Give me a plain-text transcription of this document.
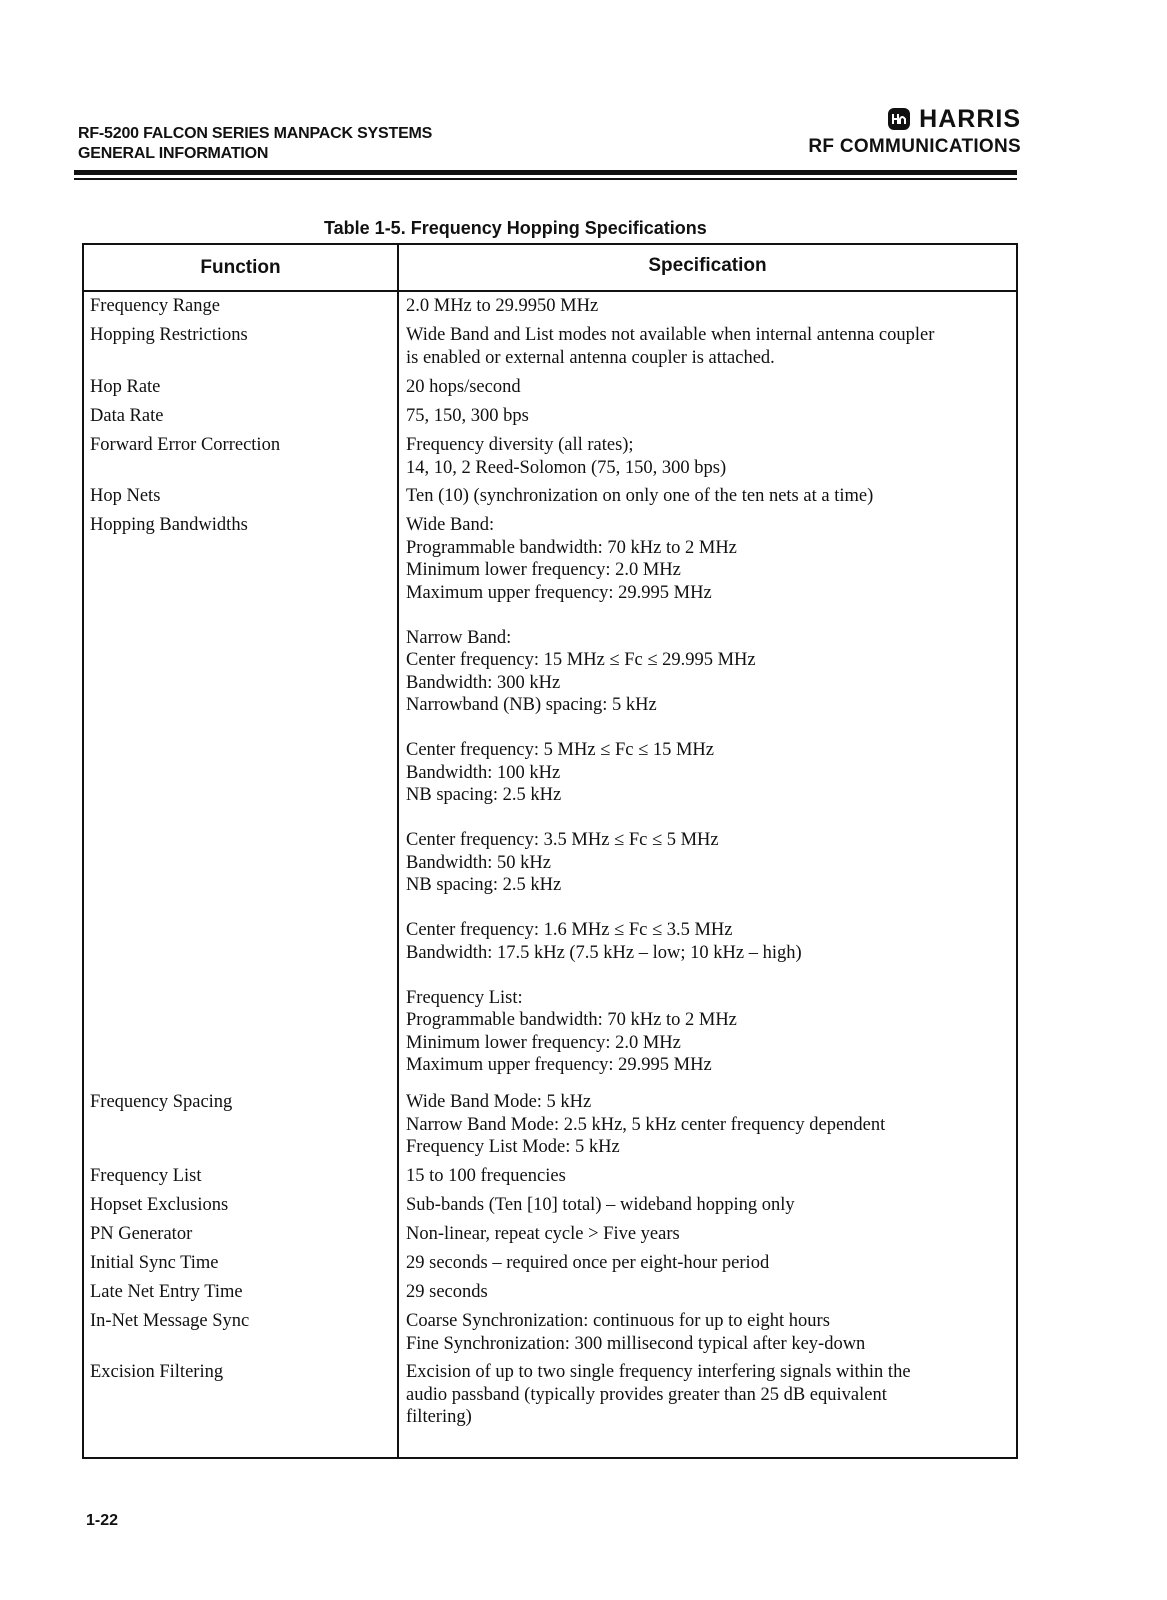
RF-5200 FALCON SERIES MANPACK SYSTEMS
GENERAL INFORMATION
HARRIS
RF COMMUNICATIONS
Table 1-5. Frequency Hopping Specifications
Function	Specification
Frequency Range	2.0 MHz to 29.9950 MHz
Hopping Restrictions	Wide Band and List modes not available when internal antenna coupler
is enabled or external antenna coupler is attached.
Hop Rate	20 hops/second
Data Rate	75, 150, 300 bps
Forward Error Correction	Frequency diversity (all rates);
14, 10, 2 Reed-Solomon (75, 150, 300 bps)
Hop Nets	Ten (10) (synchronization on only one of the ten nets at a time)
Hopping Bandwidths	Wide Band:
Programmable bandwidth: 70 kHz to 2 MHz
Minimum lower frequency: 2.0 MHz
Maximum upper frequency: 29.995 MHz

Narrow Band:
Center frequency: 15 MHz ≤ Fc ≤ 29.995 MHz
Bandwidth: 300 kHz
Narrowband (NB) spacing: 5 kHz

Center frequency: 5 MHz ≤ Fc ≤ 15 MHz
Bandwidth: 100 kHz
NB spacing: 2.5 kHz

Center frequency: 3.5 MHz ≤ Fc ≤ 5 MHz
Bandwidth: 50 kHz
NB spacing: 2.5 kHz

Center frequency: 1.6 MHz ≤ Fc ≤ 3.5 MHz
Bandwidth: 17.5 kHz (7.5 kHz – low; 10 kHz – high)

Frequency List:
Programmable bandwidth: 70 kHz to 2 MHz
Minimum lower frequency: 2.0 MHz
Maximum upper frequency: 29.995 MHz
Frequency Spacing	Wide Band Mode: 5 kHz
Narrow Band Mode: 2.5 kHz, 5 kHz center frequency dependent
Frequency List Mode: 5 kHz
Frequency List	15 to 100 frequencies
Hopset Exclusions	Sub-bands (Ten [10] total) – wideband hopping only
PN Generator	Non-linear, repeat cycle > Five years
Initial Sync Time	29 seconds – required once per eight-hour period
Late Net Entry Time	29 seconds
In-Net Message Sync	Coarse Synchronization: continuous for up to eight hours
Fine Synchronization: 300 millisecond typical after key-down
Excision Filtering	Excision of up to two single frequency interfering signals within the
audio passband (typically provides greater than 25 dB equivalent
filtering)
1-22
